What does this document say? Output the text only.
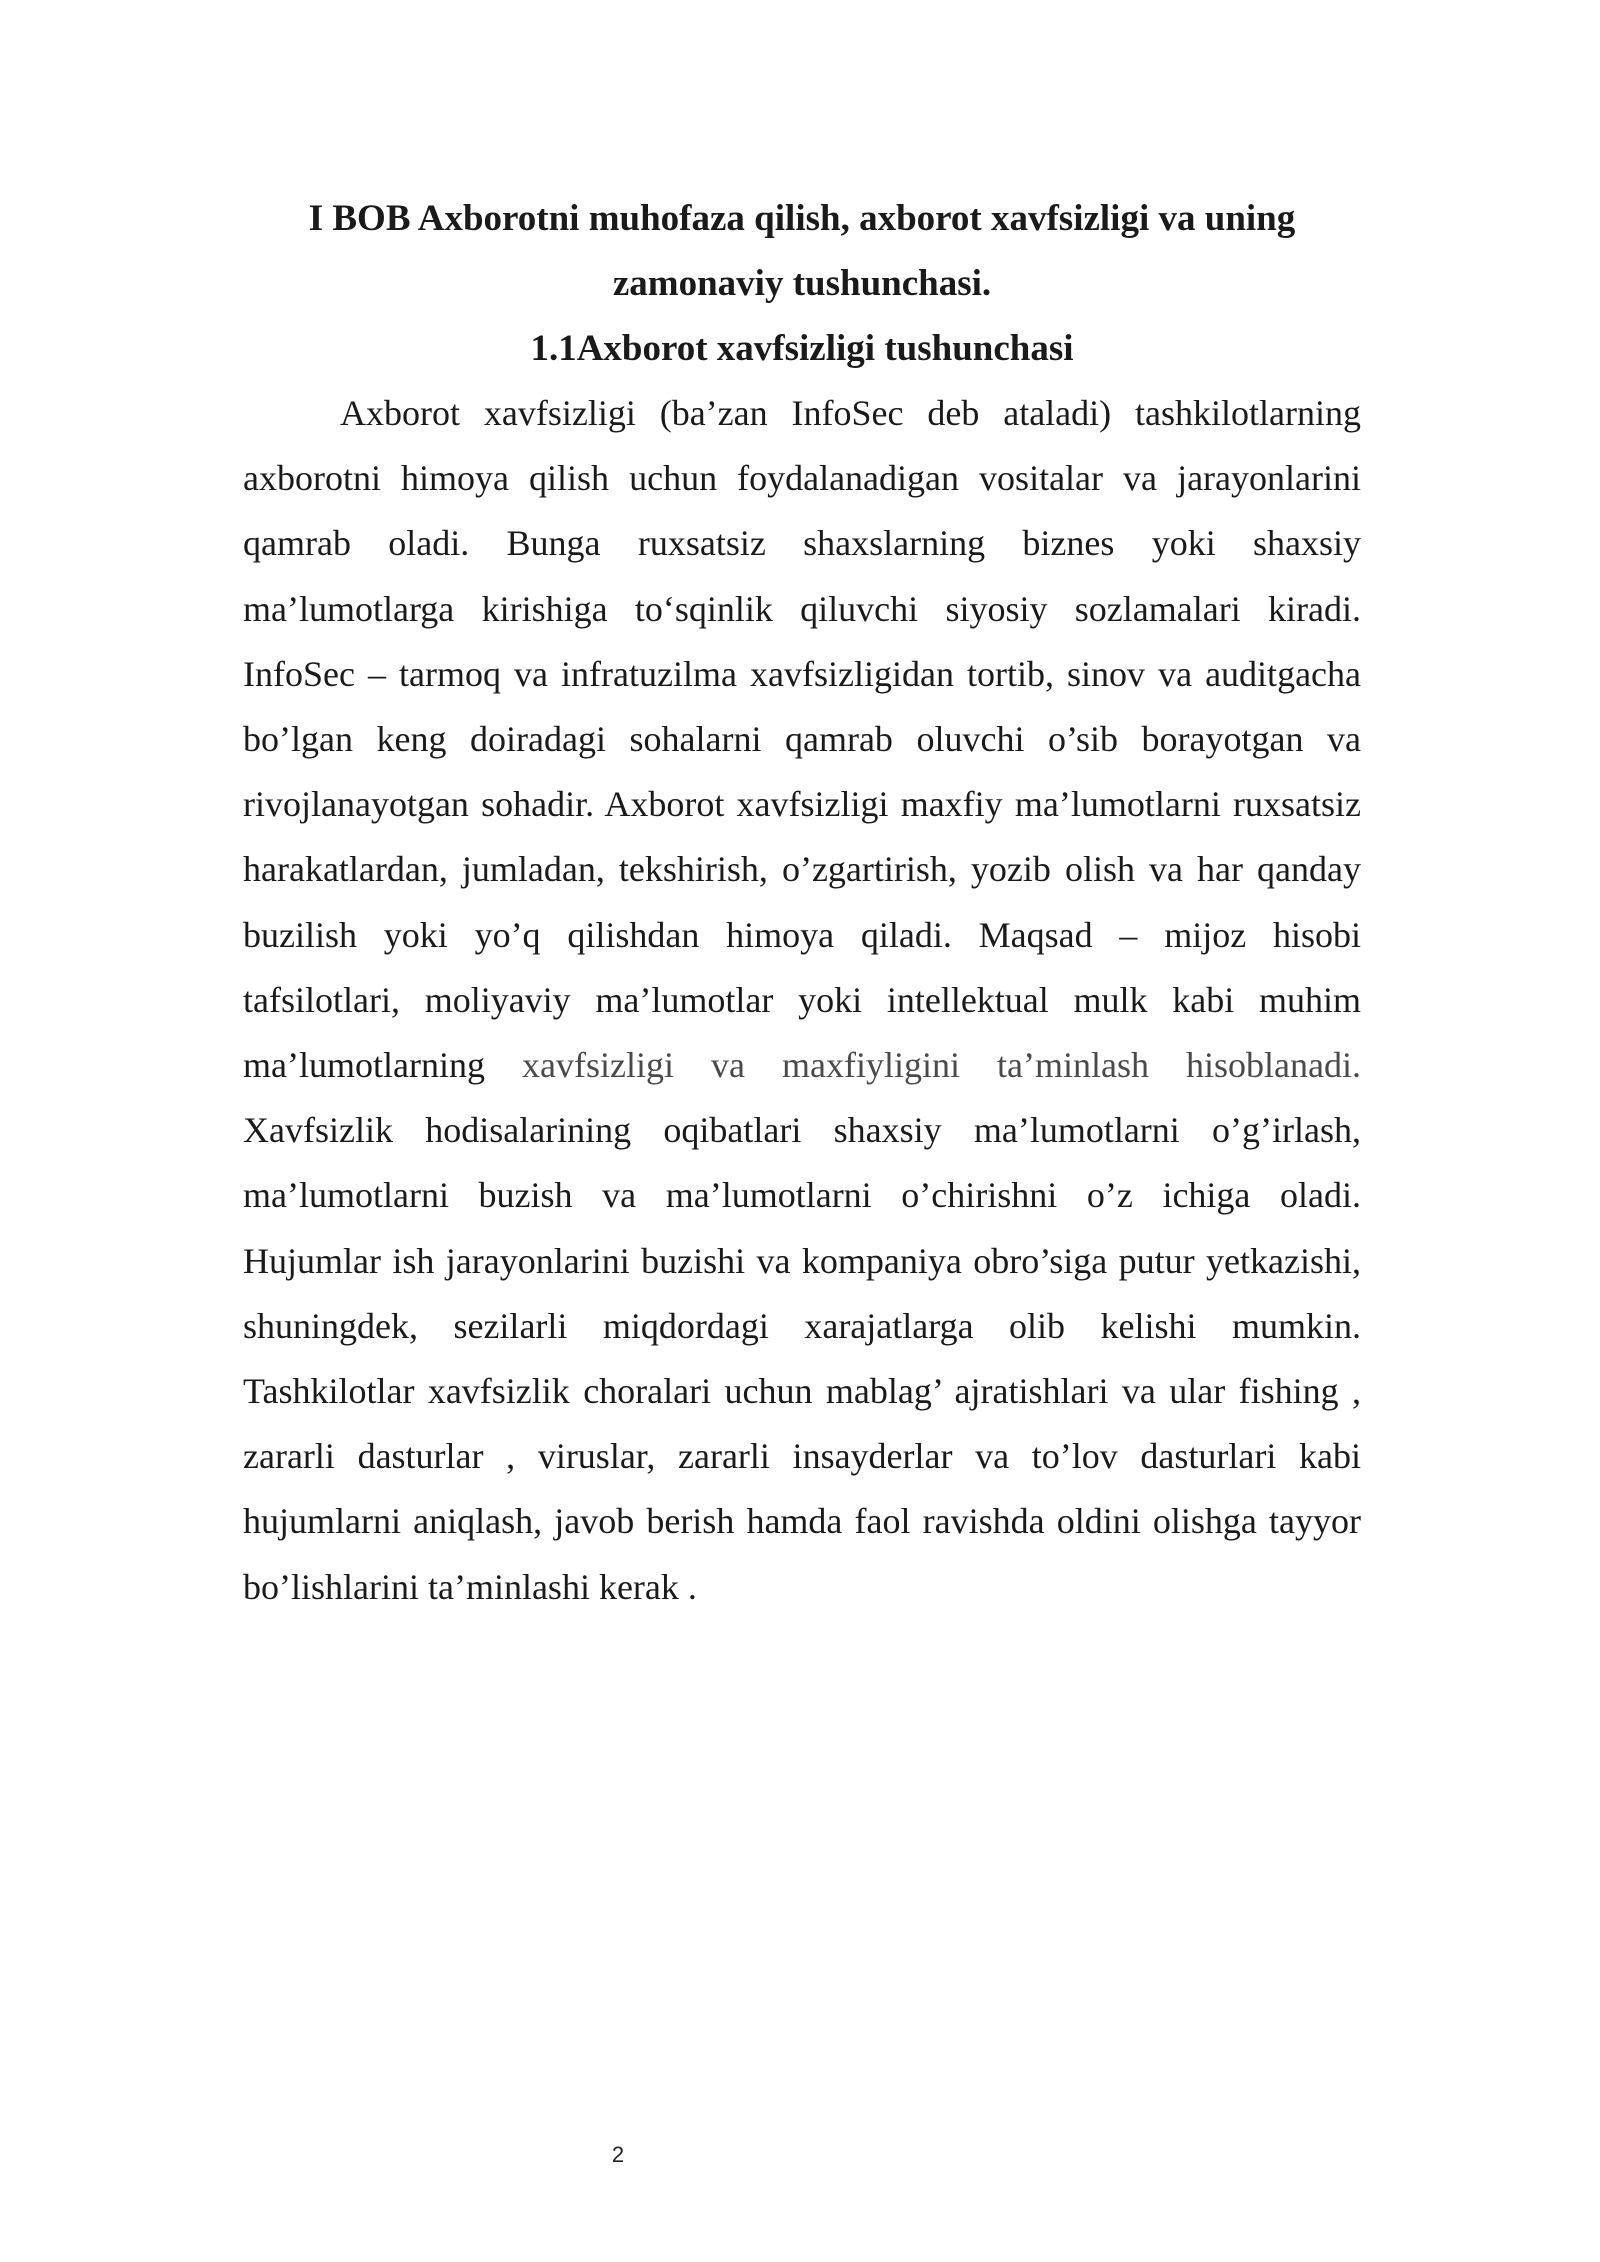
I BOB Axborotni muhofaza qilish, axborot xavfsizligi va uning zamonaviy tushunchasi.
1.1Axborot xavfsizligi tushunchasi

Axborot xavfsizligi (ba’zan InfoSec deb ataladi) tashkilotlarning axborotni himoya qilish uchun foydalanadigan vositalar va jarayonlarini qamrab oladi. Bunga ruxsatsiz shaxslarning biznes yoki shaxsiy ma’lumotlarga kirishiga to‘sqinlik qiluvchi siyosiy sozlamalari kiradi. InfoSec – tarmoq va infratuzilma xavfsizligidan tortib, sinov va auditgacha bo’lgan keng doiradagi sohalarni qamrab oluvchi o’sib borayotgan va rivojlanayotgan sohadir. Axborot xavfsizligi maxfiy ma’lumotlarni ruxsatsiz harakatlardan, jumladan, tekshirish, o’zgartirish, yozib olish va har qanday buzilish yoki yo’q qilishdan himoya qiladi. Maqsad – mijoz hisobi tafsilotlari, moliyaviy ma’lumotlar yoki intellektual mulk kabi muhim ma’lumotlarning xavfsizligi va maxfiyligini ta’minlash hisoblanadi. Xavfsizlik hodisalarining oqibatlari shaxsiy ma’lumotlarni o’g’irlash, ma’lumotlarni buzish va ma’lumotlarni o’chirishni o’z ichiga oladi. Hujumlar ish jarayonlarini buzishi va kompaniya obro’siga putur yetkazishi, shuningdek, sezilarli miqdordagi xarajatlarga olib kelishi mumkin. Tashkilotlar xavfsizlik choralari uchun mablag’ ajratishlari va ular fishing , zararli dasturlar , viruslar, zararli insayderlar va to’lov dasturlari kabi hujumlarni aniqlash, javob berish hamda faol ravishda oldini olishga tayyor bo’lishlarini ta’minlashi kerak .

2
